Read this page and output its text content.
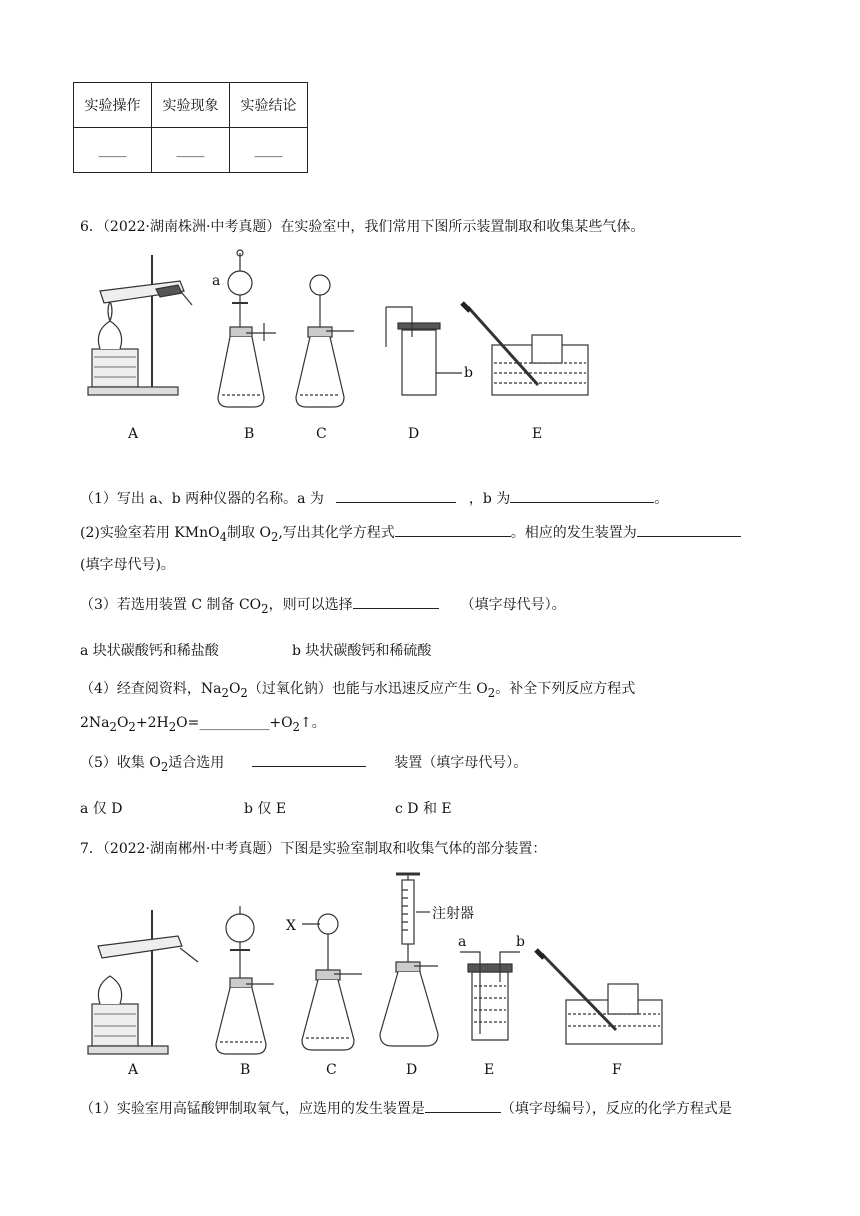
实验操作	实验现象	实验结论
____	____	____
6．（2022·湖南株洲·中考真题）在实验室中，我们常用下图所示装置制取和收集某些气体。
a
b
A	B	C	D	E
（1）写出 a、b 两种仪器的名称。a 为	，b 为	。
(2)实验室若用 KMnO$_4$制取 $O_2$,写出其化学方程式	。相应的发生装置为
(填字母代号)。
（3）若选用装置 C 制备 $CO_2$，则可以选择	（填字母代号）。
a 块状碳酸钙和稀盐酸	b 块状碳酸钙和稀硫酸
（4）经查阅资料，$Na_2O_2$（过氧化钠）也能与水迅速反应产生 $O_2$。补全下列反应方程式
$2Na_2O_2+2H_2O=\_\_\_\_\_\_\_\_\_\_+O_2↑$。
（5）收集 $O_2$适合选用	装置（填字母代号）。
a 仅 D	b 仅 E	c D 和 E
7．（2022·湖南郴州·中考真题）下图是实验室制取和收集气体的部分装置：
X
注射器
a	b
A	B	C	D	E	F
（1）实验室用高锰酸钾制取氧气，应选用的发生装置是	（填字母编号），反应的化学方程式是
